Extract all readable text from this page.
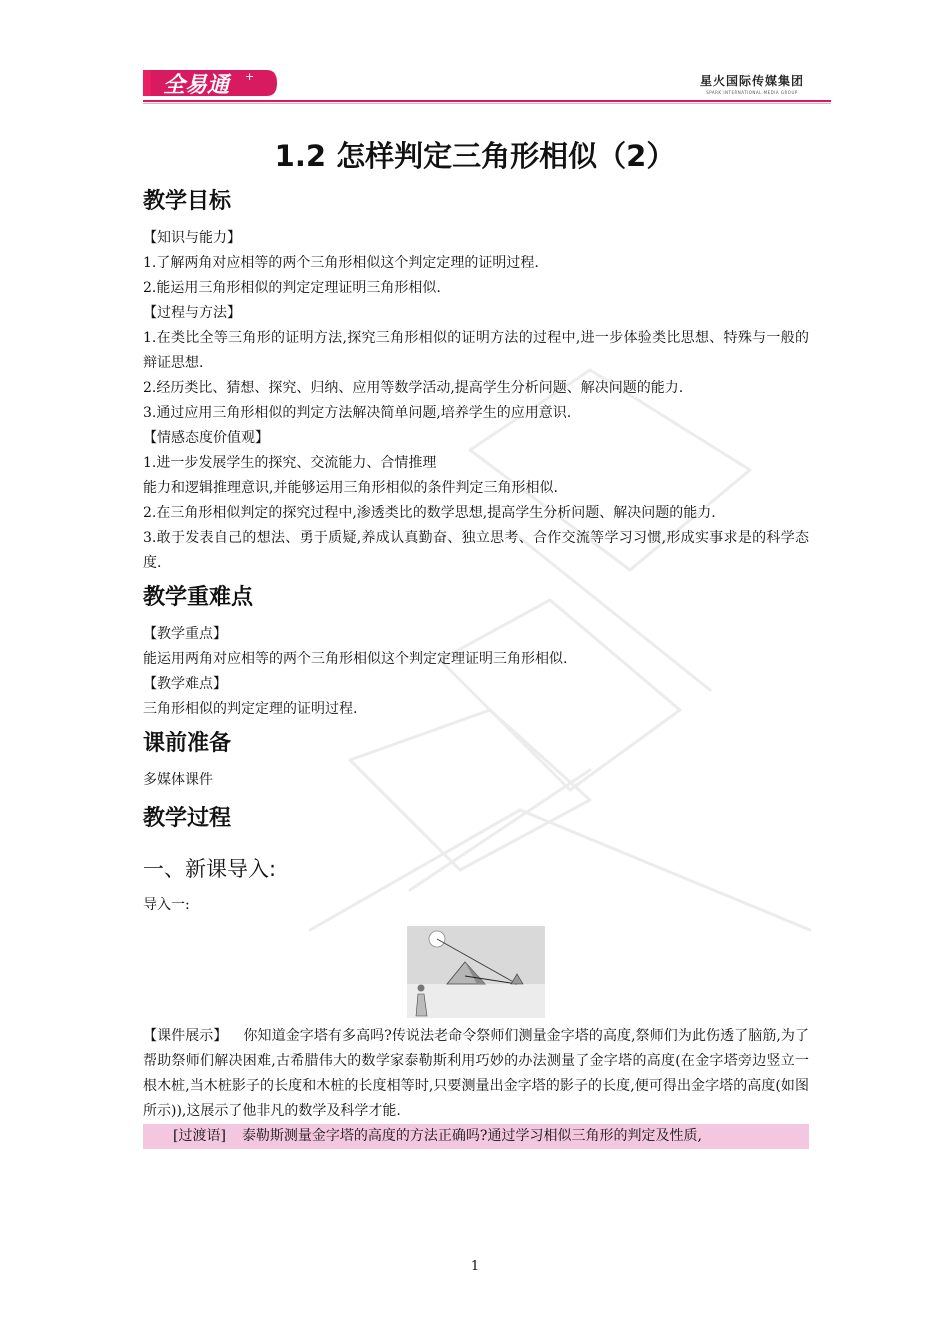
全易通 +	星火国际传媒集团
SPARK INTERNATIONAL MEDIA GROUP
1.2 怎样判定三角形相似（2）
教学目标

【知识与能力】

1.了解两角对应相等的两个三角形相似这个判定定理的证明过程.

2.能运用三角形相似的判定定理证明三角形相似.

【过程与方法】

1.在类比全等三角形的证明方法,探究三角形相似的证明方法的过程中,进一步体验类比思想、特殊与一般的辩证思想.

2.经历类比、猜想、探究、归纳、应用等数学活动,提高学生分析问题、解决问题的能力.

3.通过应用三角形相似的判定方法解决简单问题,培养学生的应用意识.

【情感态度价值观】

1.进一步发展学生的探究、交流能力、合情推理

能力和逻辑推理意识,并能够运用三角形相似的条件判定三角形相似.

2.在三角形相似判定的探究过程中,渗透类比的数学思想,提高学生分析问题、解决问题的能力.

3.敢于发表自己的想法、勇于质疑,养成认真勤奋、独立思考、合作交流等学习习惯,形成实事求是的科学态度.

教学重难点

【教学重点】

能运用两角对应相等的两个三角形相似这个判定定理证明三角形相似.

【教学难点】

三角形相似的判定定理的证明过程.

课前准备

多媒体课件

教学过程
一、新课导入:

导入一:

【课件展示】 你知道金字塔有多高吗?传说法老命令祭师们测量金字塔的高度,祭师们为此伤透了脑筋,为了帮助祭师们解决困难,古希腊伟大的数学家泰勒斯利用巧妙的办法测量了金字塔的高度(在金字塔旁边竖立一根木桩,当木桩影子的长度和木桩的长度相等时,只要测量出金字塔的影子的长度,便可得出金字塔的高度(如图所示)),这展示了他非凡的数学及科学才能.

[过渡语] 泰勒斯测量金字塔的高度的方法正确吗?通过学习相似三角形的判定及性质,

1
